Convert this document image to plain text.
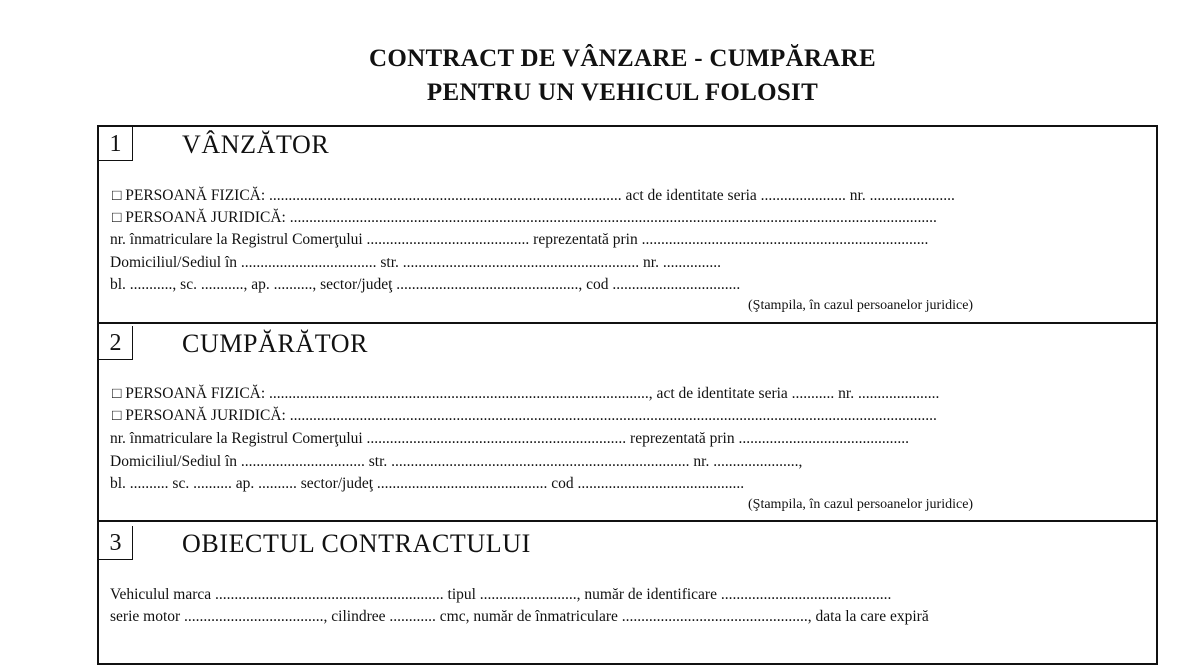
CONTRACT DE VÂNZARE - CUMPĂRARE
PENTRU UN VEHICUL FOLOSIT
1	VÂNZĂTOR
□ PERSOANĂ FIZICĂ: ........................................................................................... act de identitate seria ...................... nr. ......................
□ PERSOANĂ JURIDICĂ: .......................................................................................................................................................................
nr. înmatriculare la Registrul Comerţului .......................................... reprezentată prin ..........................................................................
Domiciliul/Sediul în ................................... str. ............................................................. nr. ...............
bl. ..........., sc. ..........., ap. .........., sector/judeţ ..............................................., cod .................................
(Ştampila, în cazul persoanelor juridice)
2	CUMPĂRĂTOR
□ PERSOANĂ FIZICĂ: .................................................................................................., act de identitate seria ........... nr. .....................
□ PERSOANĂ JURIDICĂ: .......................................................................................................................................................................
nr. înmatriculare la Registrul Comerţului ................................................................... reprezentată prin ............................................
Domiciliul/Sediul în ................................ str. ............................................................................. nr. ......................,
bl. .......... sc. .......... ap. .......... sector/judeţ ............................................ cod ...........................................
(Ştampila, în cazul persoanelor juridice)
3	OBIECTUL CONTRACTULUI
Vehiculul marca ........................................................... tipul ........................., număr de identificare ............................................
serie motor ...................................., cilindree ............ cmc, număr de înmatriculare ................................................, data la care expiră
